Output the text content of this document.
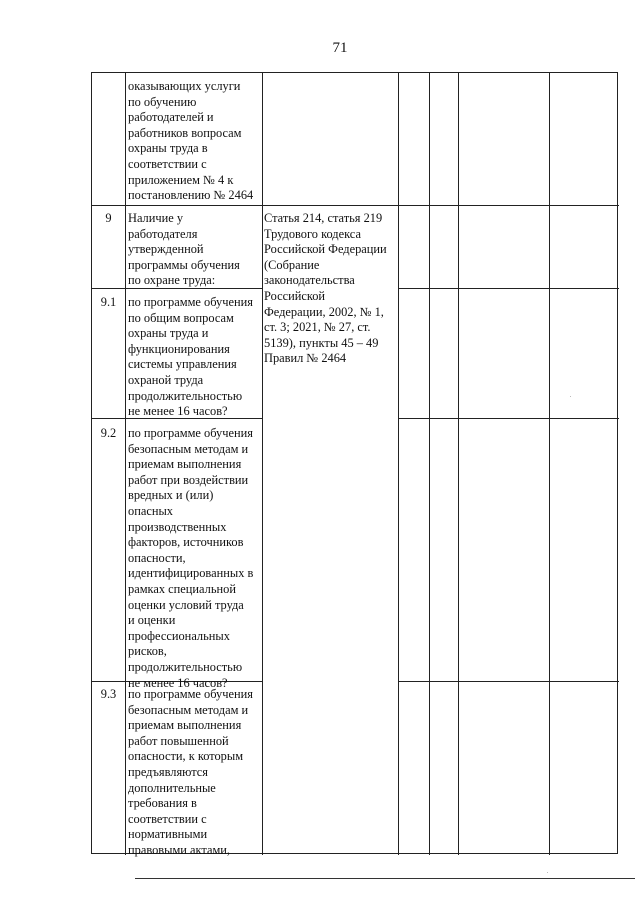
71
оказывающих услуги
по обучению
работодателей и
работников вопросам
охраны труда в
соответствии с
приложением № 4 к
постановлению № 2464
9	Наличие у
работодателя
утвержденной
программы обучения
по охране труда:
Статья 214, статья 219
Трудового кодекса
Российской Федерации
(Собрание
законодательства
Российской
Федерации, 2002, № 1,
ст. 3; 2021, № 27, ст.
5139), пункты 45 – 49
Правил № 2464
9.1 по программе обучения
по общим вопросам
охраны труда и
функционирования
системы управления
охраной труда
продолжительностью
не менее 16 часов?
9.2 по программе обучения
безопасным методам и
приемам выполнения
работ при воздействии
вредных и (или)
опасных
производственных
факторов, источников
опасности,
идентифицированных в
рамках специальной
оценки условий труда
и оценки
профессиональных
рисков,
продолжительностью
не менее 16 часов?
9.3 по программе обучения
безопасным методам и
приемам выполнения
работ повышенной
опасности, к которым
предъявляются
дополнительные
требования в
соответствии с
нормативными
правовыми актами,
